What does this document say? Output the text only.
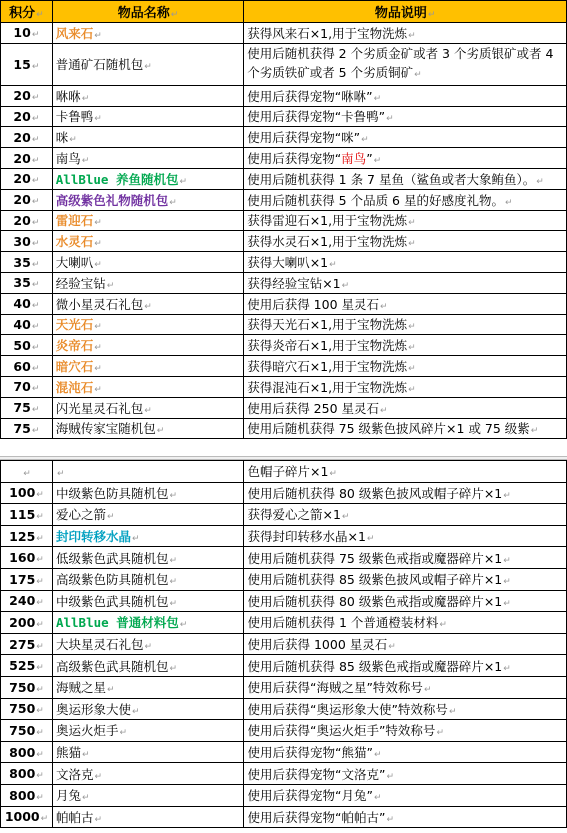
积分↵	物品名称↵	物品说明↵
10↵	风来石↵	获得风来石×1,用于宝物洗炼↵
15↵	普通矿石随机包↵	使用后随机获得 2 个劣质金矿或者 3 个劣质银矿或者 4 个劣质铁矿或者 5 个劣质铜矿↵
20↵	咻咻↵	使用后获得宠物“咻咻”↵
20↵	卡鲁鸭↵	使用后获得宠物“卡鲁鸭”↵
20↵	咪↵	使用后获得宠物“咪”↵
20↵	南鸟↵	使用后获得宠物“南鸟”↵
20↵	AllBlue 养鱼随机包↵	使用后随机获得 1 条 7 星鱼（鲨鱼或者大象鲔鱼）。↵
20↵	高级紫色礼物随机包↵	使用后随机获得 5 个品质 6 星的好感度礼物。↵
20↵	雷迎石↵	获得雷迎石×1,用于宝物洗炼↵
30↵	水灵石↵	获得水灵石×1,用于宝物洗炼↵
35↵	大喇叭↵	获得大喇叭×1↵
35↵	经验宝钻↵	获得经验宝钻×1↵
40↵	微小星灵石礼包↵	使用后获得 100 星灵石↵
40↵	天光石↵	获得天光石×1,用于宝物洗炼↵
50↵	炎帝石↵	获得炎帝石×1,用于宝物洗炼↵
60↵	暗穴石↵	获得暗穴石×1,用于宝物洗炼↵
70↵	混沌石↵	获得混沌石×1,用于宝物洗炼↵
75↵	闪光星灵石礼包↵	使用后获得 250 星灵石↵
75↵	海贼传家宝随机包↵	使用后随机获得 75 级紫色披风碎片×1 或 75 级紫↵
↵	↵	色帽子碎片×1↵
100↵	中级紫色防具随机包↵	使用后随机获得 80 级紫色披风或帽子碎片×1↵
115↵	爱心之箭↵	获得爱心之箭×1↵
125↵	封印转移水晶↵	获得封印转移水晶×1↵
160↵	低级紫色武具随机包↵	使用后随机获得 75 级紫色戒指或魔器碎片×1↵
175↵	高级紫色防具随机包↵	使用后随机获得 85 级紫色披风或帽子碎片×1↵
240↵	中级紫色武具随机包↵	使用后随机获得 80 级紫色戒指或魔器碎片×1↵
200↵	AllBlue 普通材料包↵	使用后随机获得 1 个普通橙装材料↵
275↵	大块星灵石礼包↵	使用后获得 1000 星灵石↵
525↵	高级紫色武具随机包↵	使用后随机获得 85 级紫色戒指或魔器碎片×1↵
750↵	海贼之星↵	使用后获得“海贼之星”特效称号↵
750↵	奥运形象大使↵	使用后获得“奥运形象大使”特效称号↵
750↵	奥运火炬手↵	使用后获得“奥运火炬手”特效称号↵
800↵	熊猫↵	使用后获得宠物“熊猫”↵
800↵	文洛克↵	使用后获得宠物“文洛克”↵
800↵	月兔↵	使用后获得宠物“月兔”↵
1000↵	帕帕古↵	使用后获得宠物“帕帕古”↵
